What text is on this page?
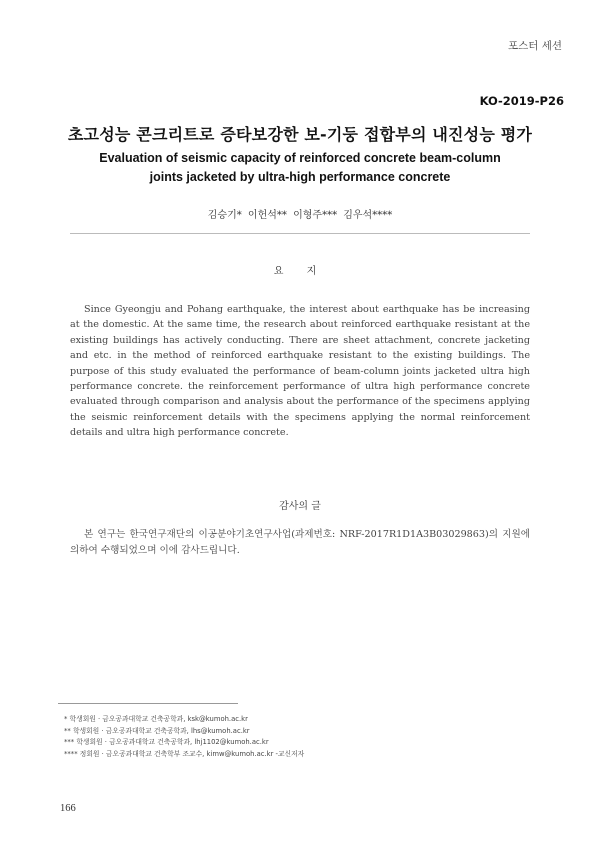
포스터 세션
KO-2019-P26
초고성능 콘크리트로 증타보강한 보-기둥 접합부의 내진성능 평가
Evaluation of seismic capacity of reinforced concrete beam-column
joints jacketed by ultra-high performance concrete
김승기* 이헌석** 이형주*** 김우석****
요 지
Since Gyeongju and Pohang earthquake, the interest about earthquake has be increasing at the domestic. At the same time, the research about reinforced earthquake resistant at the existing buildings has actively conducting. There are sheet attachment, concrete jacketing and etc. in the method of reinforced earthquake resistant to the existing buildings. The purpose of this study evaluated the performance of beam-column joints jacketed ultra high performance concrete. the reinforcement performance of ultra high performance concrete evaluated through comparison and analysis about the performance of the specimens applying the seismic reinforcement details with the specimens applying the normal reinforcement details and ultra high performance concrete.
감사의 글
본 연구는 한국연구재단의 이공분야기초연구사업(과제번호: NRF-2017R1D1A3B03029863)의 지원에 의하여 수행되었으며 이에 감사드립니다.
* 학생회원 · 금오공과대학교 건축공학과, ksk@kumoh.ac.kr
** 학생회원 · 금오공과대학교 건축공학과, lhs@kumoh.ac.kr
*** 학생회원 · 금오공과대학교 건축공학과, lhj1102@kumoh.ac.kr
**** 정회원 · 금오공과대학교 건축학부 조교수, kimw@kumoh.ac.kr -교신저자
166
